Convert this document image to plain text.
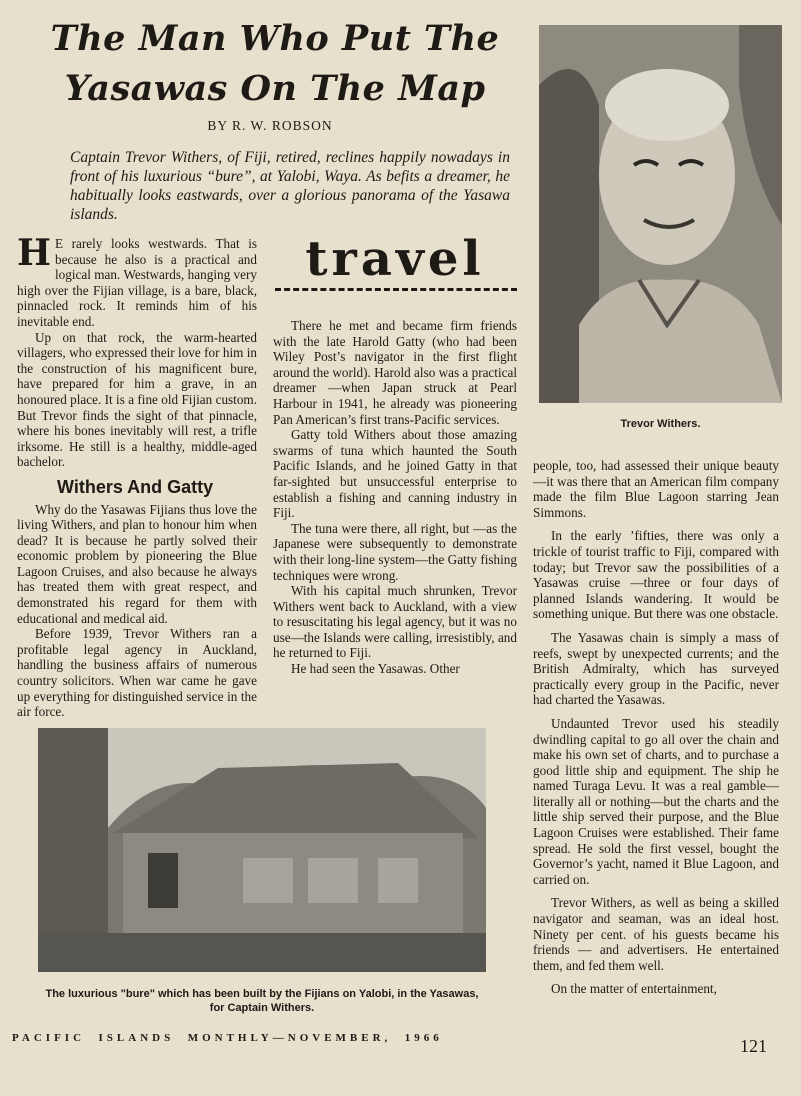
The Man Who Put The
Yasawas On The Map
BY R. W. ROBSON
Captain Trevor Withers, of Fiji, retired, reclines happily nowadays in front of his luxurious “bure”, at Yalobi, Waya. As befits a dreamer, he habitually looks eastwards, over a glorious panorama of the Yasawa islands.

H E rarely looks westwards. That is because he also is a practical and logical man. Westwards, hanging very high over the Fijian village, is a bare, black, pinnacled rock. It reminds him of his inevitable end.

Up on that rock, the warm-hearted villagers, who expressed their love for him in the construction of his magnificent bure, have prepared for him a grave, in an honoured place. It is a fine old Fijian custom. But Trevor finds the sight of that pinnacle, where his bones inevitably will rest, a trifle irksome. He still is a healthy, middle-aged bachelor.

Withers And Gatty

Why do the Yasawas Fijians thus love the living Withers, and plan to honour him when dead? It is because he partly solved their economic problem by pioneering the Blue Lagoon Cruises, and also because he always has treated them with great respect, and demonstrated his regard for them with educational and medical aid.

Before 1939, Trevor Withers ran a profitable legal agency in Auckland, handling the business affairs of numerous country solicitors. When war came he gave up everything for distinguished service in the air force.

travel

There he met and became firm friends with the late Harold Gatty (who had been Wiley Post’s navigator in the first flight around the world). Harold also was a practical dreamer —when Japan struck at Pearl Harbour in 1941, he already was pioneering Pan American’s first trans-Pacific services.

Gatty told Withers about those amazing swarms of tuna which haunted the South Pacific Islands, and he joined Gatty in that far-sighted but unsuccessful enterprise to establish a fishing and canning industry in Fiji.

The tuna were there, all right, but —as the Japanese were subsequently to demonstrate with their long-line system—the Gatty fishing techniques were wrong.

With his capital much shrunken, Trevor Withers went back to Auckland, with a view to resuscitating his legal agency, but it was no use—the Islands were calling, irresistibly, and he returned to Fiji.

He had seen the Yasawas. Other

Trevor Withers.

people, too, had assessed their unique beauty—it was there that an American film company made the film Blue Lagoon starring Jean Simmons.

In the early ’fifties, there was only a trickle of tourist traffic to Fiji, compared with today; but Trevor saw the possibilities of a Yasawas cruise —three or four days of planned Islands wandering. It would be something unique. But there was one obstacle.

The Yasawas chain is simply a mass of reefs, swept by unexpected currents; and the British Admiralty, which has surveyed practically every group in the Pacific, never had charted the Yasawas.

Undaunted Trevor used his steadily dwindling capital to go all over the chain and make his own set of charts, and to purchase a good little ship and equipment. The ship he named Turaga Levu. It was a real gamble—literally all or nothing—but the charts and the little ship served their purpose, and the Blue Lagoon Cruises were established. Their fame spread. He sold the first vessel, bought the Governor’s yacht, named it Blue Lagoon, and carried on.

Trevor Withers, as well as being a skilled navigator and seaman, was an ideal host. Ninety per cent. of his guests became his friends — and advertisers. He entertained them, and fed them well.

On the matter of entertainment,

The luxurious "bure" which has been built by the Fijians on Yalobi, in the Yasawas, for Captain Withers.
PACIFIC  ISLANDS  MONTHLY—NOVEMBER,  1966	121
